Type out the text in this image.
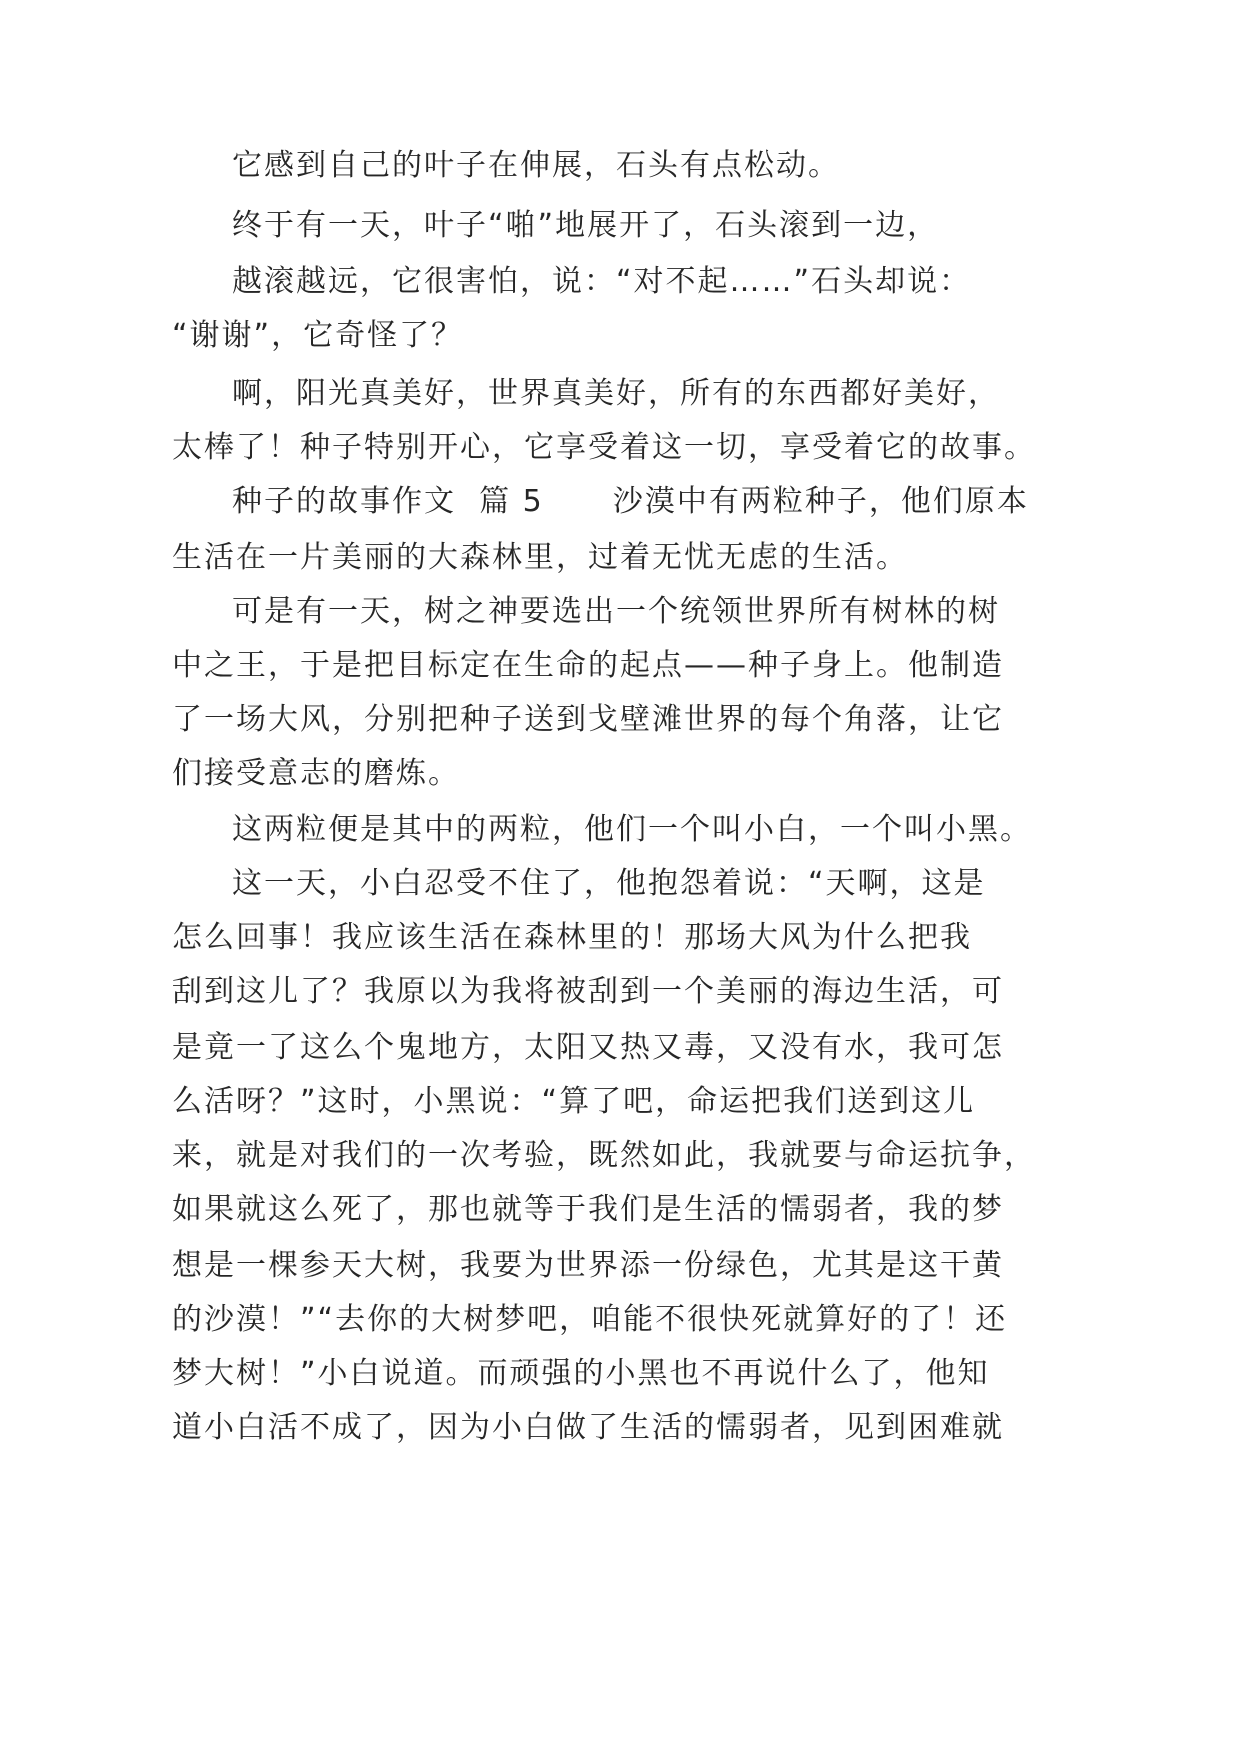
它感到自己的叶子在伸展，石头有点松动。

终于有一天，叶子“啪”地展开了，石头滚到一边，

越滚越远，它很害怕，说：“对不起……”石头却说：

“谢谢”，它奇怪了？

啊，阳光真美好，世界真美好，所有的东西都好美好，

太棒了！种子特别开心，它享受着这一切，享受着它的故事。

种子的故事作文  篇 5      沙漠中有两粒种子，他们原本

生活在一片美丽的大森林里，过着无忧无虑的生活。

可是有一天，树之神要选出一个统领世界所有树林的树

中之王，于是把目标定在生命的起点——种子身上。他制造

了一场大风，分别把种子送到戈壁滩世界的每个角落，让它

们接受意志的磨炼。

这两粒便是其中的两粒，他们一个叫小白，一个叫小黑。

这一天，小白忍受不住了，他抱怨着说：“天啊，这是

怎么回事！我应该生活在森林里的！那场大风为什么把我

刮到这儿了？我原以为我将被刮到一个美丽的海边生活，可

是竟一了这么个鬼地方，太阳又热又毒，又没有水，我可怎

么活呀？”这时，小黑说：“算了吧，命运把我们送到这儿

来，就是对我们的一次考验，既然如此，我就要与命运抗争，

如果就这么死了，那也就等于我们是生活的懦弱者，我的梦

想是一棵参天大树，我要为世界添一份绿色，尤其是这干黄

的沙漠！”“去你的大树梦吧，咱能不很快死就算好的了！还

梦大树！”小白说道。而顽强的小黑也不再说什么了，他知

道小白活不成了，因为小白做了生活的懦弱者，见到困难就
